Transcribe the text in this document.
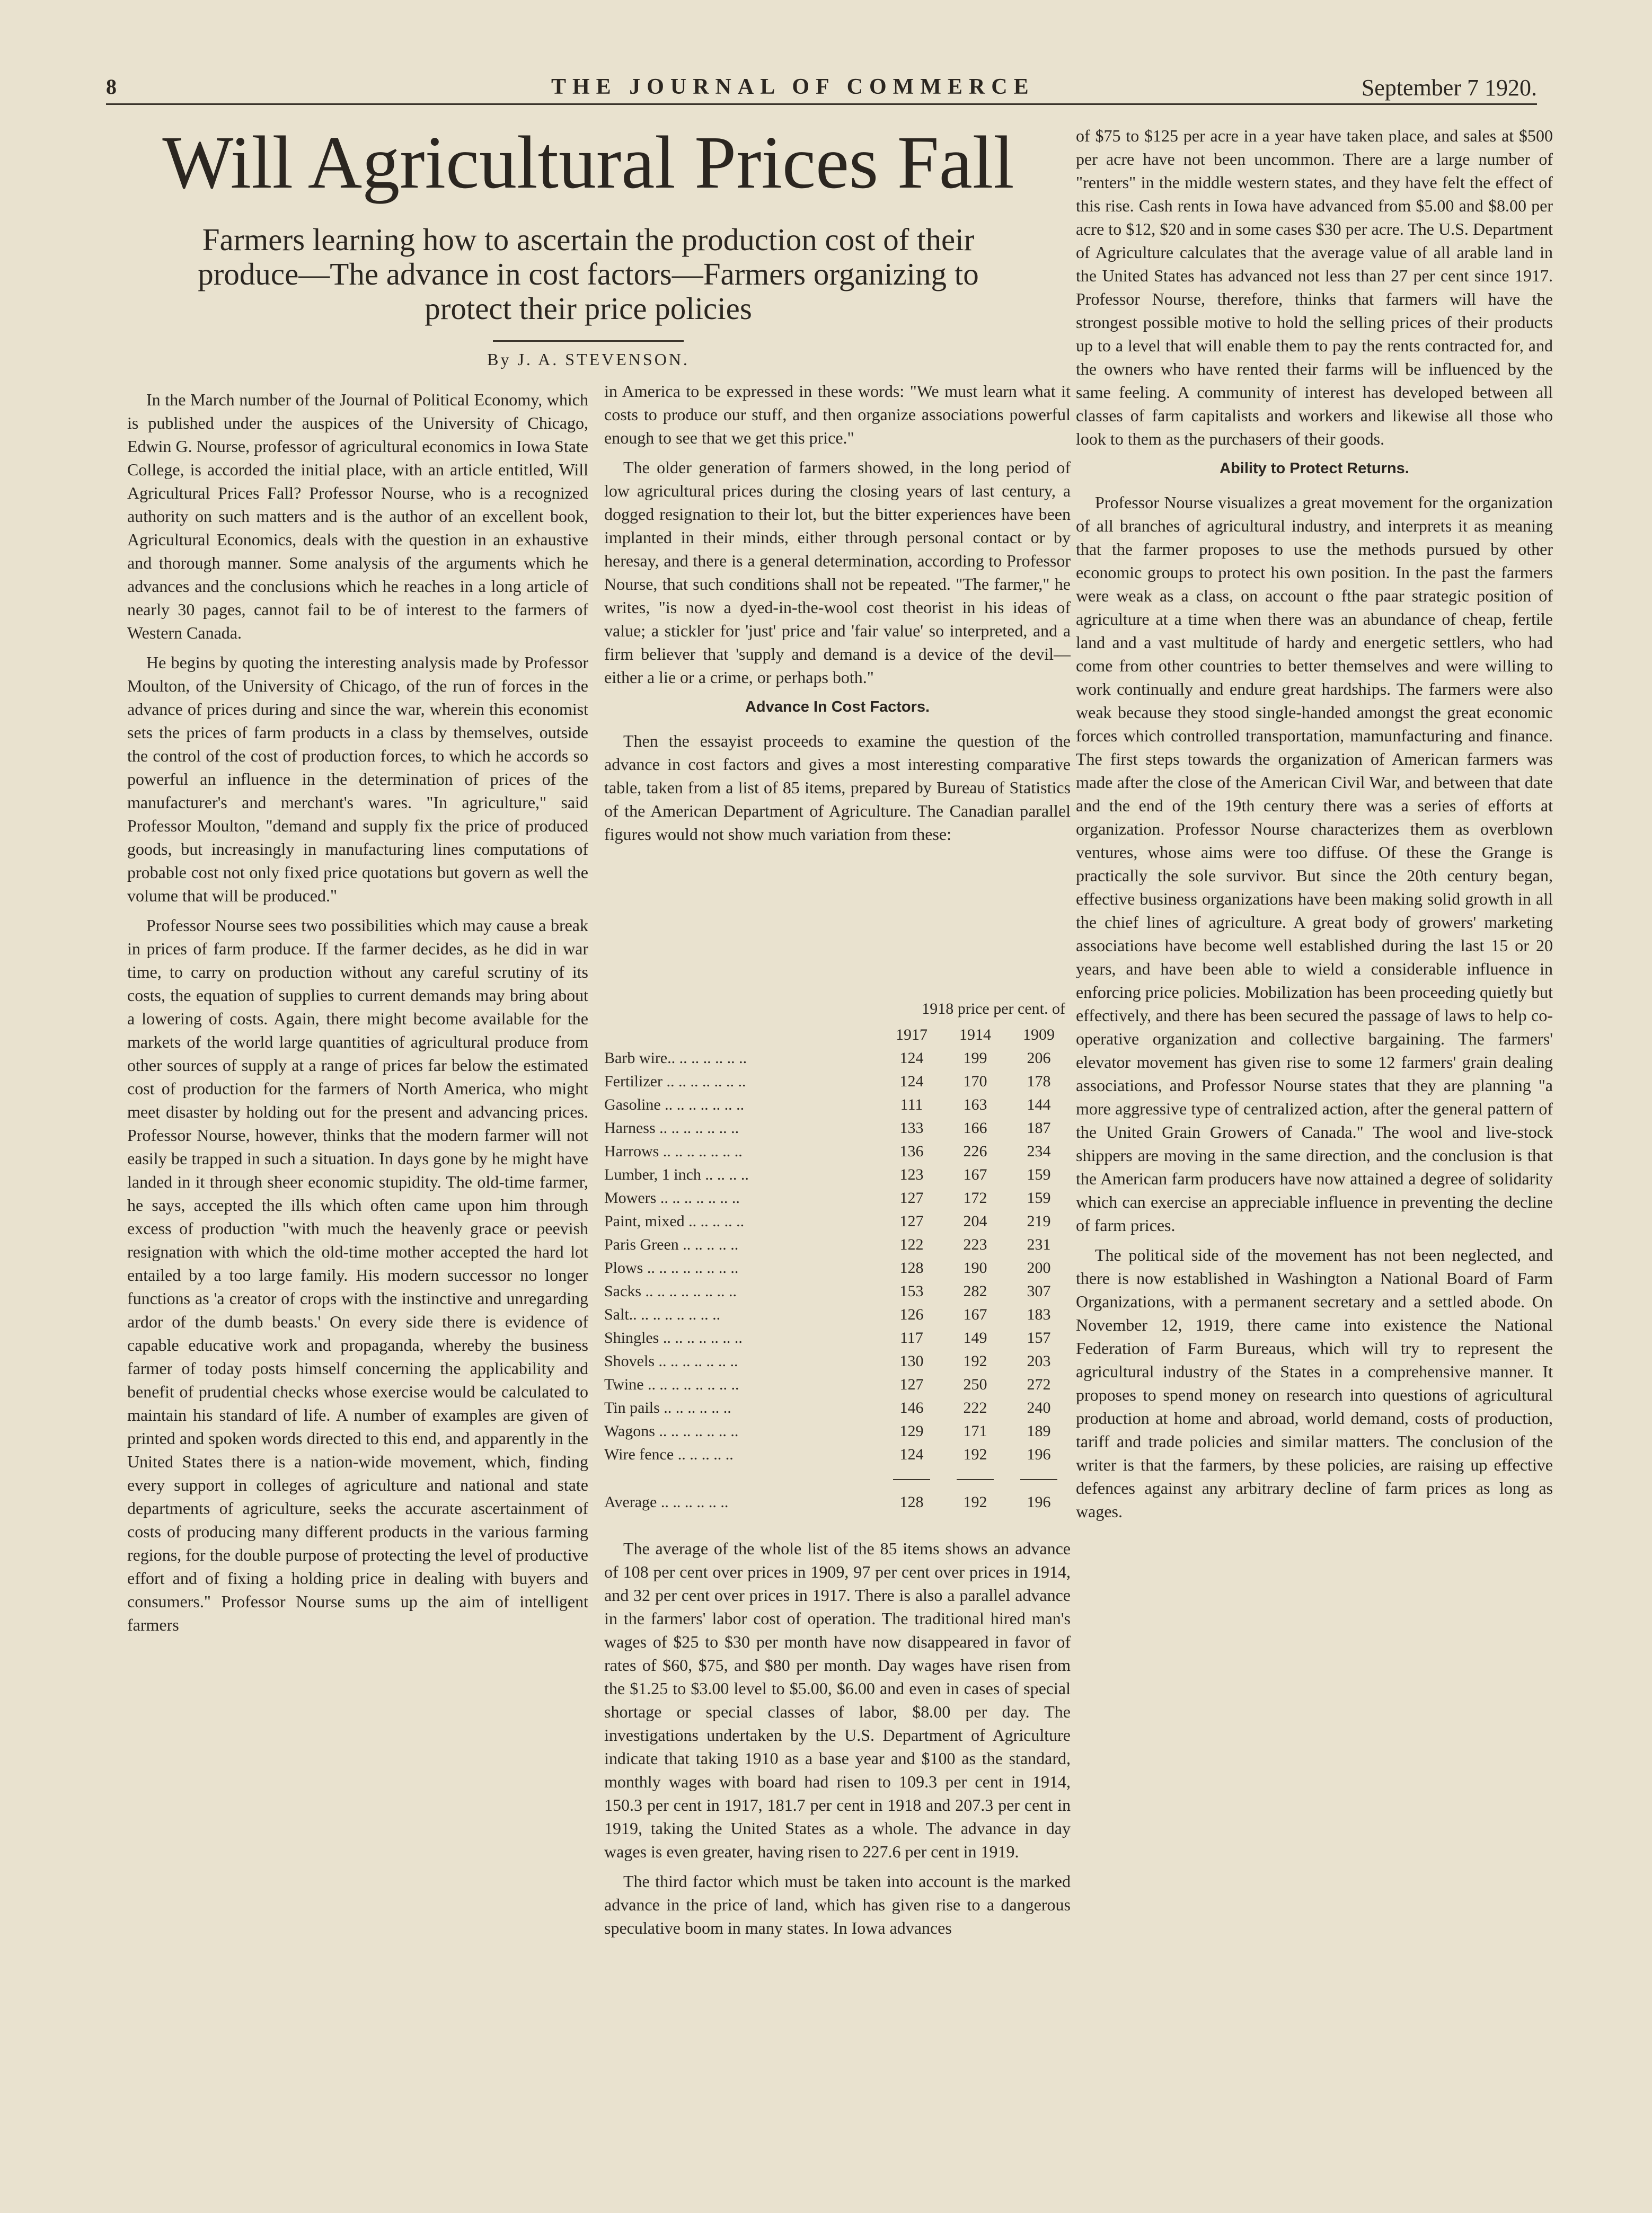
8	THE JOURNAL OF COMMERCE	September 7 1920.
Will Agricultural Prices Fall
Farmers learning how to ascertain the production cost of their produce—The advance in cost factors—Farmers organizing to protect their price policies
By J. A. STEVENSON.

In the March number of the Journal of Political Economy, which is published under the auspices of the University of Chicago, Edwin G. Nourse, professor of agricultural economics in Iowa State College, is accorded the initial place, with an article entitled, Will Agricultural Prices Fall? Professor Nourse, who is a recognized authority on such matters and is the author of an excellent book, Agricultural Economics, deals with the question in an exhaustive and thorough manner. Some analysis of the arguments which he advances and the conclusions which he reaches in a long article of nearly 30 pages, cannot fail to be of interest to the farmers of Western Canada.

He begins by quoting the interesting analysis made by Professor Moulton, of the University of Chicago, of the run of forces in the advance of prices during and since the war, wherein this economist sets the prices of farm products in a class by themselves, outside the control of the cost of production forces, to which he accords so powerful an influence in the determination of prices of the manufacturer's and merchant's wares. "In agriculture," said Professor Moulton, "demand and supply fix the price of produced goods, but increasingly in manufacturing lines computations of probable cost not only fixed price quotations but govern as well the volume that will be produced."

Professor Nourse sees two possibilities which may cause a break in prices of farm produce. If the farmer decides, as he did in war time, to carry on production without any careful scrutiny of its costs, the equation of supplies to current demands may bring about a lowering of costs. Again, there might become available for the markets of the world large quantities of agricultural produce from other sources of supply at a range of prices far below the estimated cost of production for the farmers of North America, who might meet disaster by holding out for the present and advancing prices. Professor Nourse, however, thinks that the modern farmer will not easily be trapped in such a situation. In days gone by he might have landed in it through sheer economic stupidity. The old-time farmer, he says, accepted the ills which often came upon him through excess of production "with much the heavenly grace or peevish resignation with which the old-time mother accepted the hard lot entailed by a too large family. His modern successor no longer functions as 'a creator of crops with the instinctive and unregarding ardor of the dumb beasts.' On every side there is evidence of capable educative work and propaganda, whereby the business farmer of today posts himself concerning the applicability and benefit of prudential checks whose exercise would be calculated to maintain his standard of life. A number of examples are given of printed and spoken words directed to this end, and apparently in the United States there is a nation-wide movement, which, finding every support in colleges of agriculture and national and state departments of agriculture, seeks the accurate ascertainment of costs of producing many different products in the various farming regions, for the double purpose of protecting the level of productive effort and of fixing a holding price in dealing with buyers and consumers." Professor Nourse sums up the aim of intelligent farmers

in America to be expressed in these words: "We must learn what it costs to produce our stuff, and then organize associations powerful enough to see that we get this price."

The older generation of farmers showed, in the long period of low agricultural prices during the closing years of last century, a dogged resignation to their lot, but the bitter experiences have been implanted in their minds, either through personal contact or by heresay, and there is a general determination, according to Professor Nourse, that such conditions shall not be repeated. "The farmer," he writes, "is now a dyed-in-the-wool cost theorist in his ideas of value; a stickler for 'just' price and 'fair value' so interpreted, and a firm believer that 'supply and demand is a device of the devil—either a lie or a crime, or perhaps both."

Advance In Cost Factors.

Then the essayist proceeds to examine the question of the advance in cost factors and gives a most interesting comparative table, taken from a list of 85 items, prepared by Bureau of Statistics of the American Department of Agriculture. The Canadian parallel figures would not show much variation from these:

1918 price per cent. of
1917	1914	1909
Barb wire.. .. .. .. .. .. ..	124	199	206
Fertilizer .. .. .. .. .. .. ..	124	170	178
Gasoline .. .. .. .. .. .. ..	111	163	144
Harness .. .. .. .. .. .. ..	133	166	187
Harrows .. .. .. .. .. .. ..	136	226	234
Lumber, 1 inch .. .. .. ..	123	167	159
Mowers .. .. .. .. .. .. ..	127	172	159
Paint, mixed .. .. .. .. ..	127	204	219
Paris Green .. .. .. .. ..	122	223	231
Plows .. .. .. .. .. .. .. ..	128	190	200
Sacks .. .. .. .. .. .. .. ..	153	282	307
Salt.. .. .. .. .. .. .. ..	126	167	183
Shingles .. .. .. .. .. .. ..	117	149	157
Shovels .. .. .. .. .. .. ..	130	192	203
Twine .. .. .. .. .. .. .. ..	127	250	272
Tin pails .. .. .. .. .. ..	146	222	240
Wagons .. .. .. .. .. .. ..	129	171	189
Wire fence .. .. .. .. ..	124	192	196
Average .. .. .. .. .. ..	128	192	196

The average of the whole list of the 85 items shows an advance of 108 per cent over prices in 1909, 97 per cent over prices in 1914, and 32 per cent over prices in 1917. There is also a parallel advance in the farmers' labor cost of operation. The traditional hired man's wages of $25 to $30 per month have now disappeared in favor of rates of $60, $75, and $80 per month. Day wages have risen from the $1.25 to $3.00 level to $5.00, $6.00 and even in cases of special shortage or special classes of labor, $8.00 per day. The investigations undertaken by the U.S. Department of Agriculture indicate that taking 1910 as a base year and $100 as the standard, monthly wages with board had risen to 109.3 per cent in 1914, 150.3 per cent in 1917, 181.7 per cent in 1918 and 207.3 per cent in 1919, taking the United States as a whole. The advance in day wages is even greater, having risen to 227.6 per cent in 1919.

The third factor which must be taken into account is the marked advance in the price of land, which has given rise to a dangerous speculative boom in many states. In Iowa advances

of $75 to $125 per acre in a year have taken place, and sales at $500 per acre have not been uncommon. There are a large number of "renters" in the middle western states, and they have felt the effect of this rise. Cash rents in Iowa have advanced from $5.00 and $8.00 per acre to $12, $20 and in some cases $30 per acre. The U.S. Department of Agriculture calculates that the average value of all arable land in the United States has advanced not less than 27 per cent since 1917. Professor Nourse, therefore, thinks that farmers will have the strongest possible motive to hold the selling prices of their products up to a level that will enable them to pay the rents contracted for, and the owners who have rented their farms will be influenced by the same feeling. A community of interest has developed between all classes of farm capitalists and workers and likewise all those who look to them as the purchasers of their goods.

Ability to Protect Returns.

Professor Nourse visualizes a great movement for the organization of all branches of agricultural industry, and interprets it as meaning that the farmer proposes to use the methods pursued by other economic groups to protect his own position. In the past the farmers were weak as a class, on account o fthe paar strategic position of agriculture at a time when there was an abundance of cheap, fertile land and a vast multitude of hardy and energetic settlers, who had come from other countries to better themselves and were willing to work continually and endure great hardships. The farmers were also weak because they stood single-handed amongst the great economic forces which controlled transportation, mamunfacturing and finance. The first steps towards the organization of American farmers was made after the close of the American Civil War, and between that date and the end of the 19th century there was a series of efforts at organization. Professor Nourse characterizes them as overblown ventures, whose aims were too diffuse. Of these the Grange is practically the sole survivor. But since the 20th century began, effective business organizations have been making solid growth in all the chief lines of agriculture. A great body of growers' marketing associations have become well established during the last 15 or 20 years, and have been able to wield a considerable influence in enforcing price policies. Mobilization has been proceeding quietly but effectively, and there has been secured the passage of laws to help co-operative organization and collective bargaining. The farmers' elevator movement has given rise to some 12 farmers' grain dealing associations, and Professor Nourse states that they are planning "a more aggressive type of centralized action, after the general pattern of the United Grain Growers of Canada." The wool and live-stock shippers are moving in the same direction, and the conclusion is that the American farm producers have now attained a degree of solidarity which can exercise an appreciable influence in preventing the decline of farm prices.

The political side of the movement has not been neglected, and there is now established in Washington a National Board of Farm Organizations, with a permanent secretary and a settled abode. On November 12, 1919, there came into existence the National Federation of Farm Bureaus, which will try to represent the agricultural industry of the States in a comprehensive manner. It proposes to spend money on research into questions of agricultural production at home and abroad, world demand, costs of production, tariff and trade policies and similar matters. The conclusion of the writer is that the farmers, by these policies, are raising up effective defences against any arbitrary decline of farm prices as long as wages.
